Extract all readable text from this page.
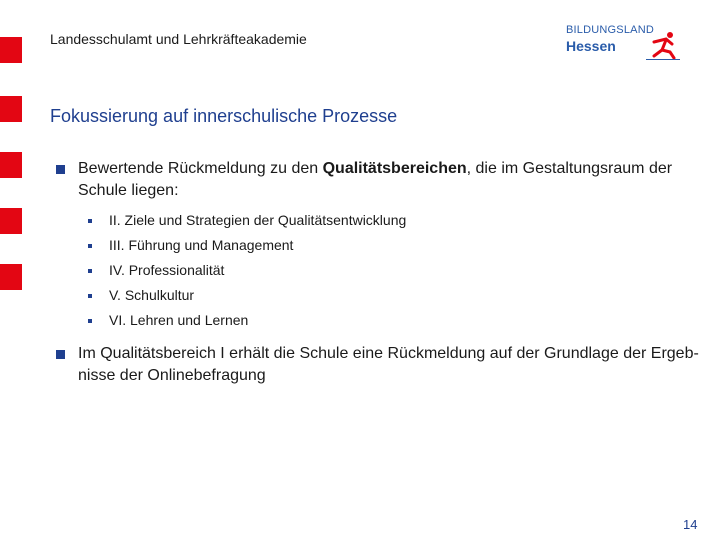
Landesschulamt und Lehrkräfteakademie
BILDUNGSLAND
Hessen
Fokussierung auf innerschulische Prozesse
Bewertende Rückmeldung zu den Qualitätsbereichen, die im Gestaltungsraum der Schule liegen:
II. Ziele und Strategien der Qualitätsentwicklung
III. Führung und Management
IV. Professionalität
V. Schulkultur
VI. Lehren und Lernen
Im Qualitätsbereich I erhält die Schule eine Rückmeldung auf der Grundlage der Ergeb-nisse der Onlinebefragung
14
